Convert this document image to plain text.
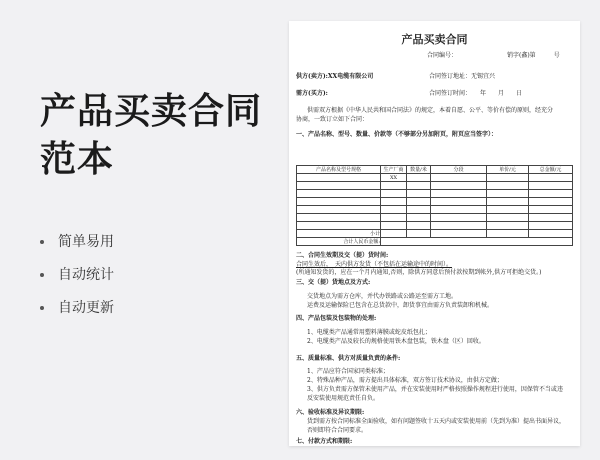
产品买卖合同范本
简单易用
自动统计
自动更新
产品买卖合同
合同编号：	销字(鑫)第　　　号
供方(卖方):XX电缆有限公司	合同签订地址：无锡宜兴
需方(买方):	合同签订时间：　　年　　月　　日
供需双方根据《中华人民共和国合同法》的规定，本着自愿、公平、等价有偿的原则，经充分
协商，一致订立如下合同：
一、产品名称、型号、数量、价款等（不够部分另加附页，附页应当签字）：
产品名称及型号规格	生产厂商	数量/米	分段	单价/元	总金额/元
	XX				

小计					
合计人民币金额:					
二、合同生效期及交（提）货时间:
合同生效后，　天内供方发货（不包括在运输途中的时间）。
(所通知发货的，应在一个月内通知,否则，除供方同意后预付款按期到帐外,供方可拒绝交货。)
三、交（提）货地点及方式:
交货地点为需方仓库，并代办铁路或公路运至需方工地。
运费及运输保险已包含在总货款中，卸货事宜由需方负责装卸和机械。
四、产品包装及包装物的处理:
1、电缆类产品通常用塑料薄膜或蛇皮纸包扎；
2、电缆类产品及较长的规格使用铁木盘包装，铁木盘（区）回收。
五、质量标准、供方对质量负责的条件:
1、产品应符合国家同类标准；
2、特殊品种产品，需方提出具体标准，双方签订技术协议，由供方定做；
3、供方负责需方保管未使用产品，并在安装使用时严格按照操作规程进行使用，因保管不当或违
反安装使用规范责任自负。
六、验收标准及异议期限:
货到需方按合同标准全面验收，如有问题签收十五天内或安装使用前（先到为准）提出书面异议，
否则即符合合同要求。
七、付款方式和期限:
